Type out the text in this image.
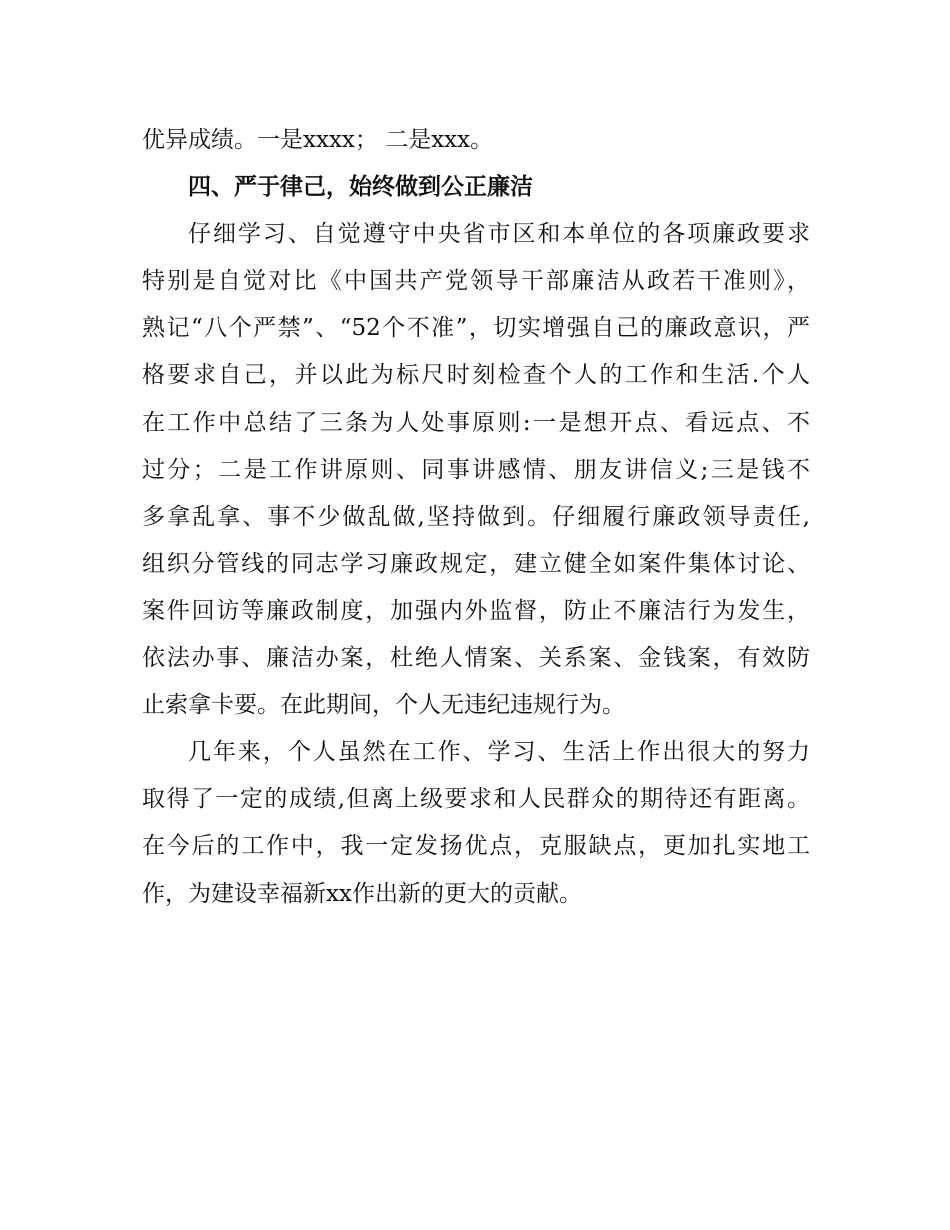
优异成绩。一是xxxx； 二是xxx。
四、严于律己，始终做到公正廉洁
仔细学习、自觉遵守中央省市区和本单位的各项廉政要求
特别是自觉对比《中国共产党领导干部廉洁从政若干准则》，
熟记“八个严禁”、“52个不准”，切实增强自己的廉政意识，严
格要求自己，并以此为标尺时刻检查个人的工作和生活.个人
在工作中总结了三条为人处事原则:一是想开点、看远点、不
过分；二是工作讲原则、同事讲感情、朋友讲信义;三是钱不
多拿乱拿、事不少做乱做,坚持做到。仔细履行廉政领导责任,
组织分管线的同志学习廉政规定，建立健全如案件集体讨论、
案件回访等廉政制度，加强内外监督，防止不廉洁行为发生，
依法办事、廉洁办案，杜绝人情案、关系案、金钱案，有效防
止索拿卡要。在此期间，个人无违纪违规行为。
几年来，个人虽然在工作、学习、生活上作出很大的努力
取得了一定的成绩,但离上级要求和人民群众的期待还有距离。
在今后的工作中，我一定发扬优点，克服缺点，更加扎实地工
作，为建设幸福新xx作出新的更大的贡献。
